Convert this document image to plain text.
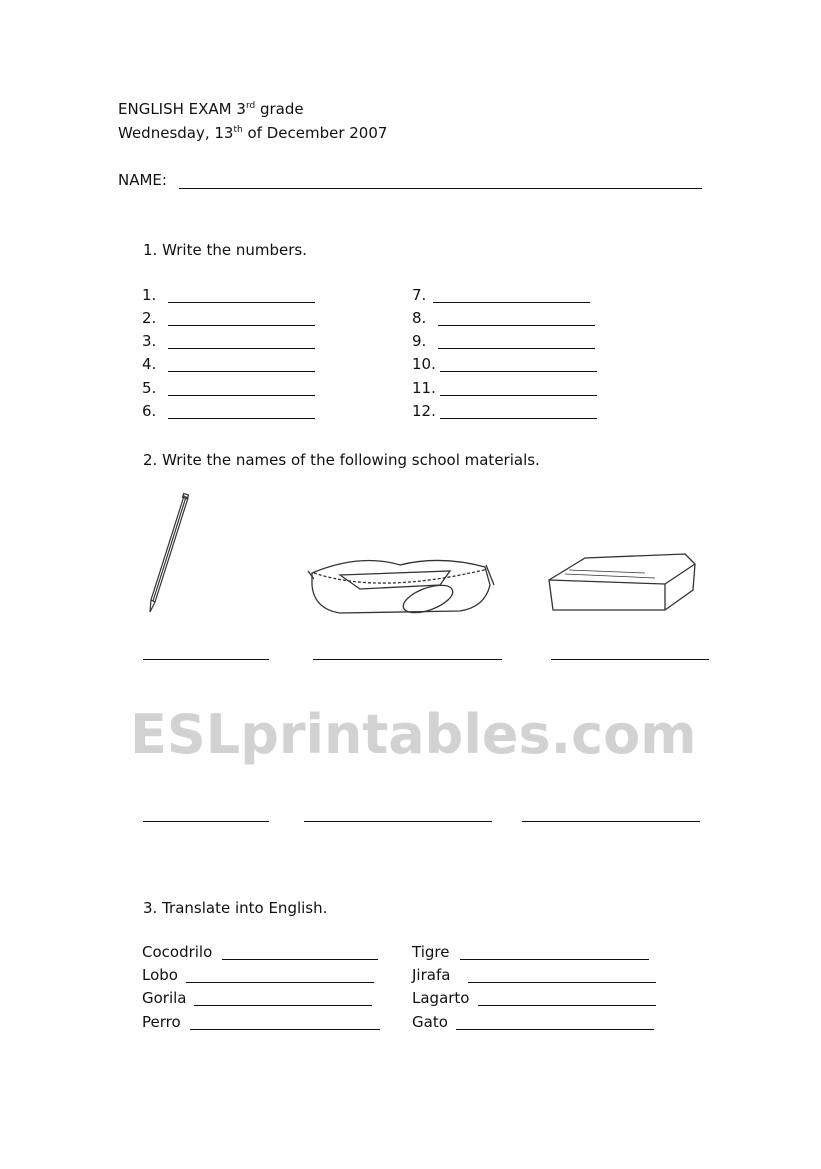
ESLprintables.com
ENGLISH EXAM 3rd grade
Wednesday, 13th of December 2007
NAME:
1. Write the numbers.
1.
2.
3.
4.
5.
6.
7.
8.
9.
10.
11.
12.
2. Write the names of the following school materials.
3. Translate into English.
Cocodrilo
Lobo
Gorila
Perro
Tigre
Jirafa
Lagarto
Gato
